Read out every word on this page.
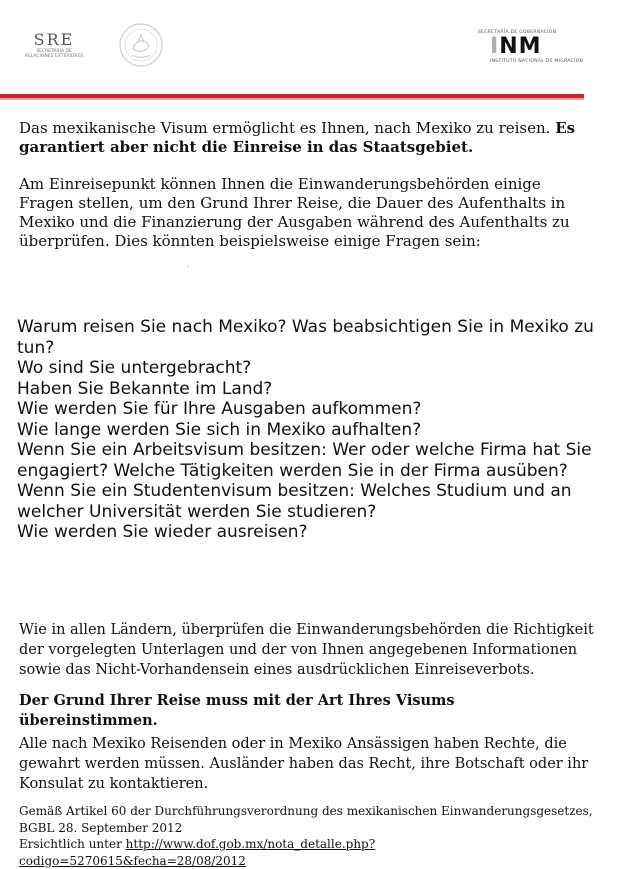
SRE
SECRETARÍA DE
RELACIONES EXTERIORES
SECRETARÍA DE GOBERNACIÓN
INM
INSTITUTO NACIONAL DE MIGRACIÓN

Das mexikanische Visum ermöglicht es Ihnen, nach Mexiko zu reisen. Es garantiert aber nicht die Einreise in das Staatsgebiet.

Am Einreisepunkt können Ihnen die Einwanderungsbehörden einige Fragen stellen, um den Grund Ihrer Reise, die Dauer des Aufenthalts in Mexiko und die Finanzierung der Ausgaben während des Aufenthalts zu überprüfen. Dies könnten beispielsweise einige Fragen sein:

Warum reisen Sie nach Mexiko? Was beabsichtigen Sie in Mexiko zu tun?
Wo sind Sie untergebracht?
Haben Sie Bekannte im Land?
Wie werden Sie für Ihre Ausgaben aufkommen?
Wie lange werden Sie sich in Mexiko aufhalten?
Wenn Sie ein Arbeitsvisum besitzen: Wer oder welche Firma hat Sie engagiert? Welche Tätigkeiten werden Sie in der Firma ausüben?
Wenn Sie ein Studentenvisum besitzen: Welches Studium und an welcher Universität werden Sie studieren?
Wie werden Sie wieder ausreisen?

Wie in allen Ländern, überprüfen die Einwanderungsbehörden die Richtigkeit der vorgelegten Unterlagen und der von Ihnen angegebenen Informationen sowie das Nicht-Vorhandensein eines ausdrücklichen Einreiseverbots.

Der Grund Ihrer Reise muss mit der Art Ihres Visums übereinstimmen.

Alle nach Mexiko Reisenden oder in Mexiko Ansässigen haben Rechte, die gewahrt werden müssen. Ausländer haben das Recht, ihre Botschaft oder ihr Konsulat zu kontaktieren.

Gemäß Artikel 60 der Durchführungsverordnung des mexikanischen Einwanderungsgesetzes, BGBL 28. September 2012
Ersichtlich unter http://www.dof.gob.mx/nota_detalle.php?codigo=5270615&fecha=28/08/2012
